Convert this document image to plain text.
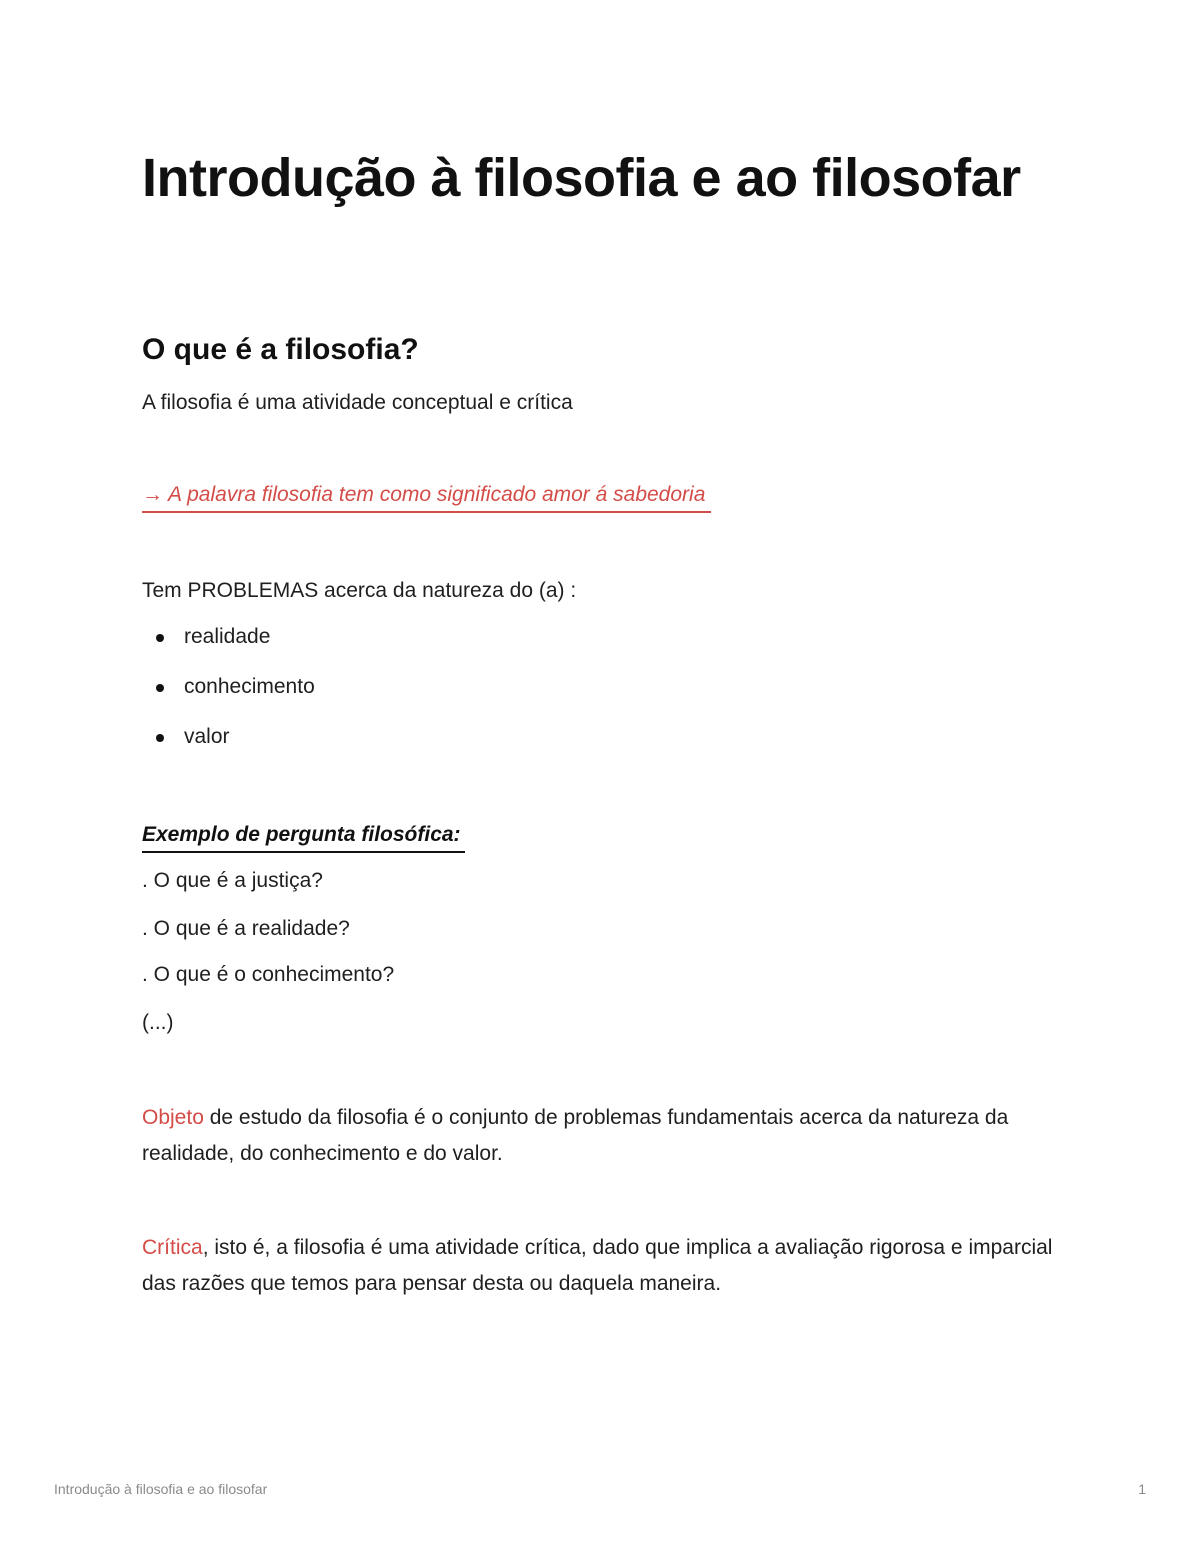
Introdução à filosofia e ao filosofar
O que é a filosofia?

A filosofia é uma atividade conceptual e crítica

→ A palavra filosofia tem como significado amor á sabedoria

Tem PROBLEMAS acerca da natureza do (a) :

realidade
conhecimento
valor
Exemplo de pergunta filosófica:

. O que é a justiça?

. O que é a realidade?

. O que é o conhecimento?

(...)

Objeto de estudo da filosofia é o conjunto de problemas fundamentais acerca da natureza da realidade, do conhecimento e do valor.

Crítica, isto é, a filosofia é uma atividade crítica, dado que implica a avaliação rigorosa e imparcial das razões que temos para pensar desta ou daquela maneira.

Introdução à filosofia e ao filosofar	1
